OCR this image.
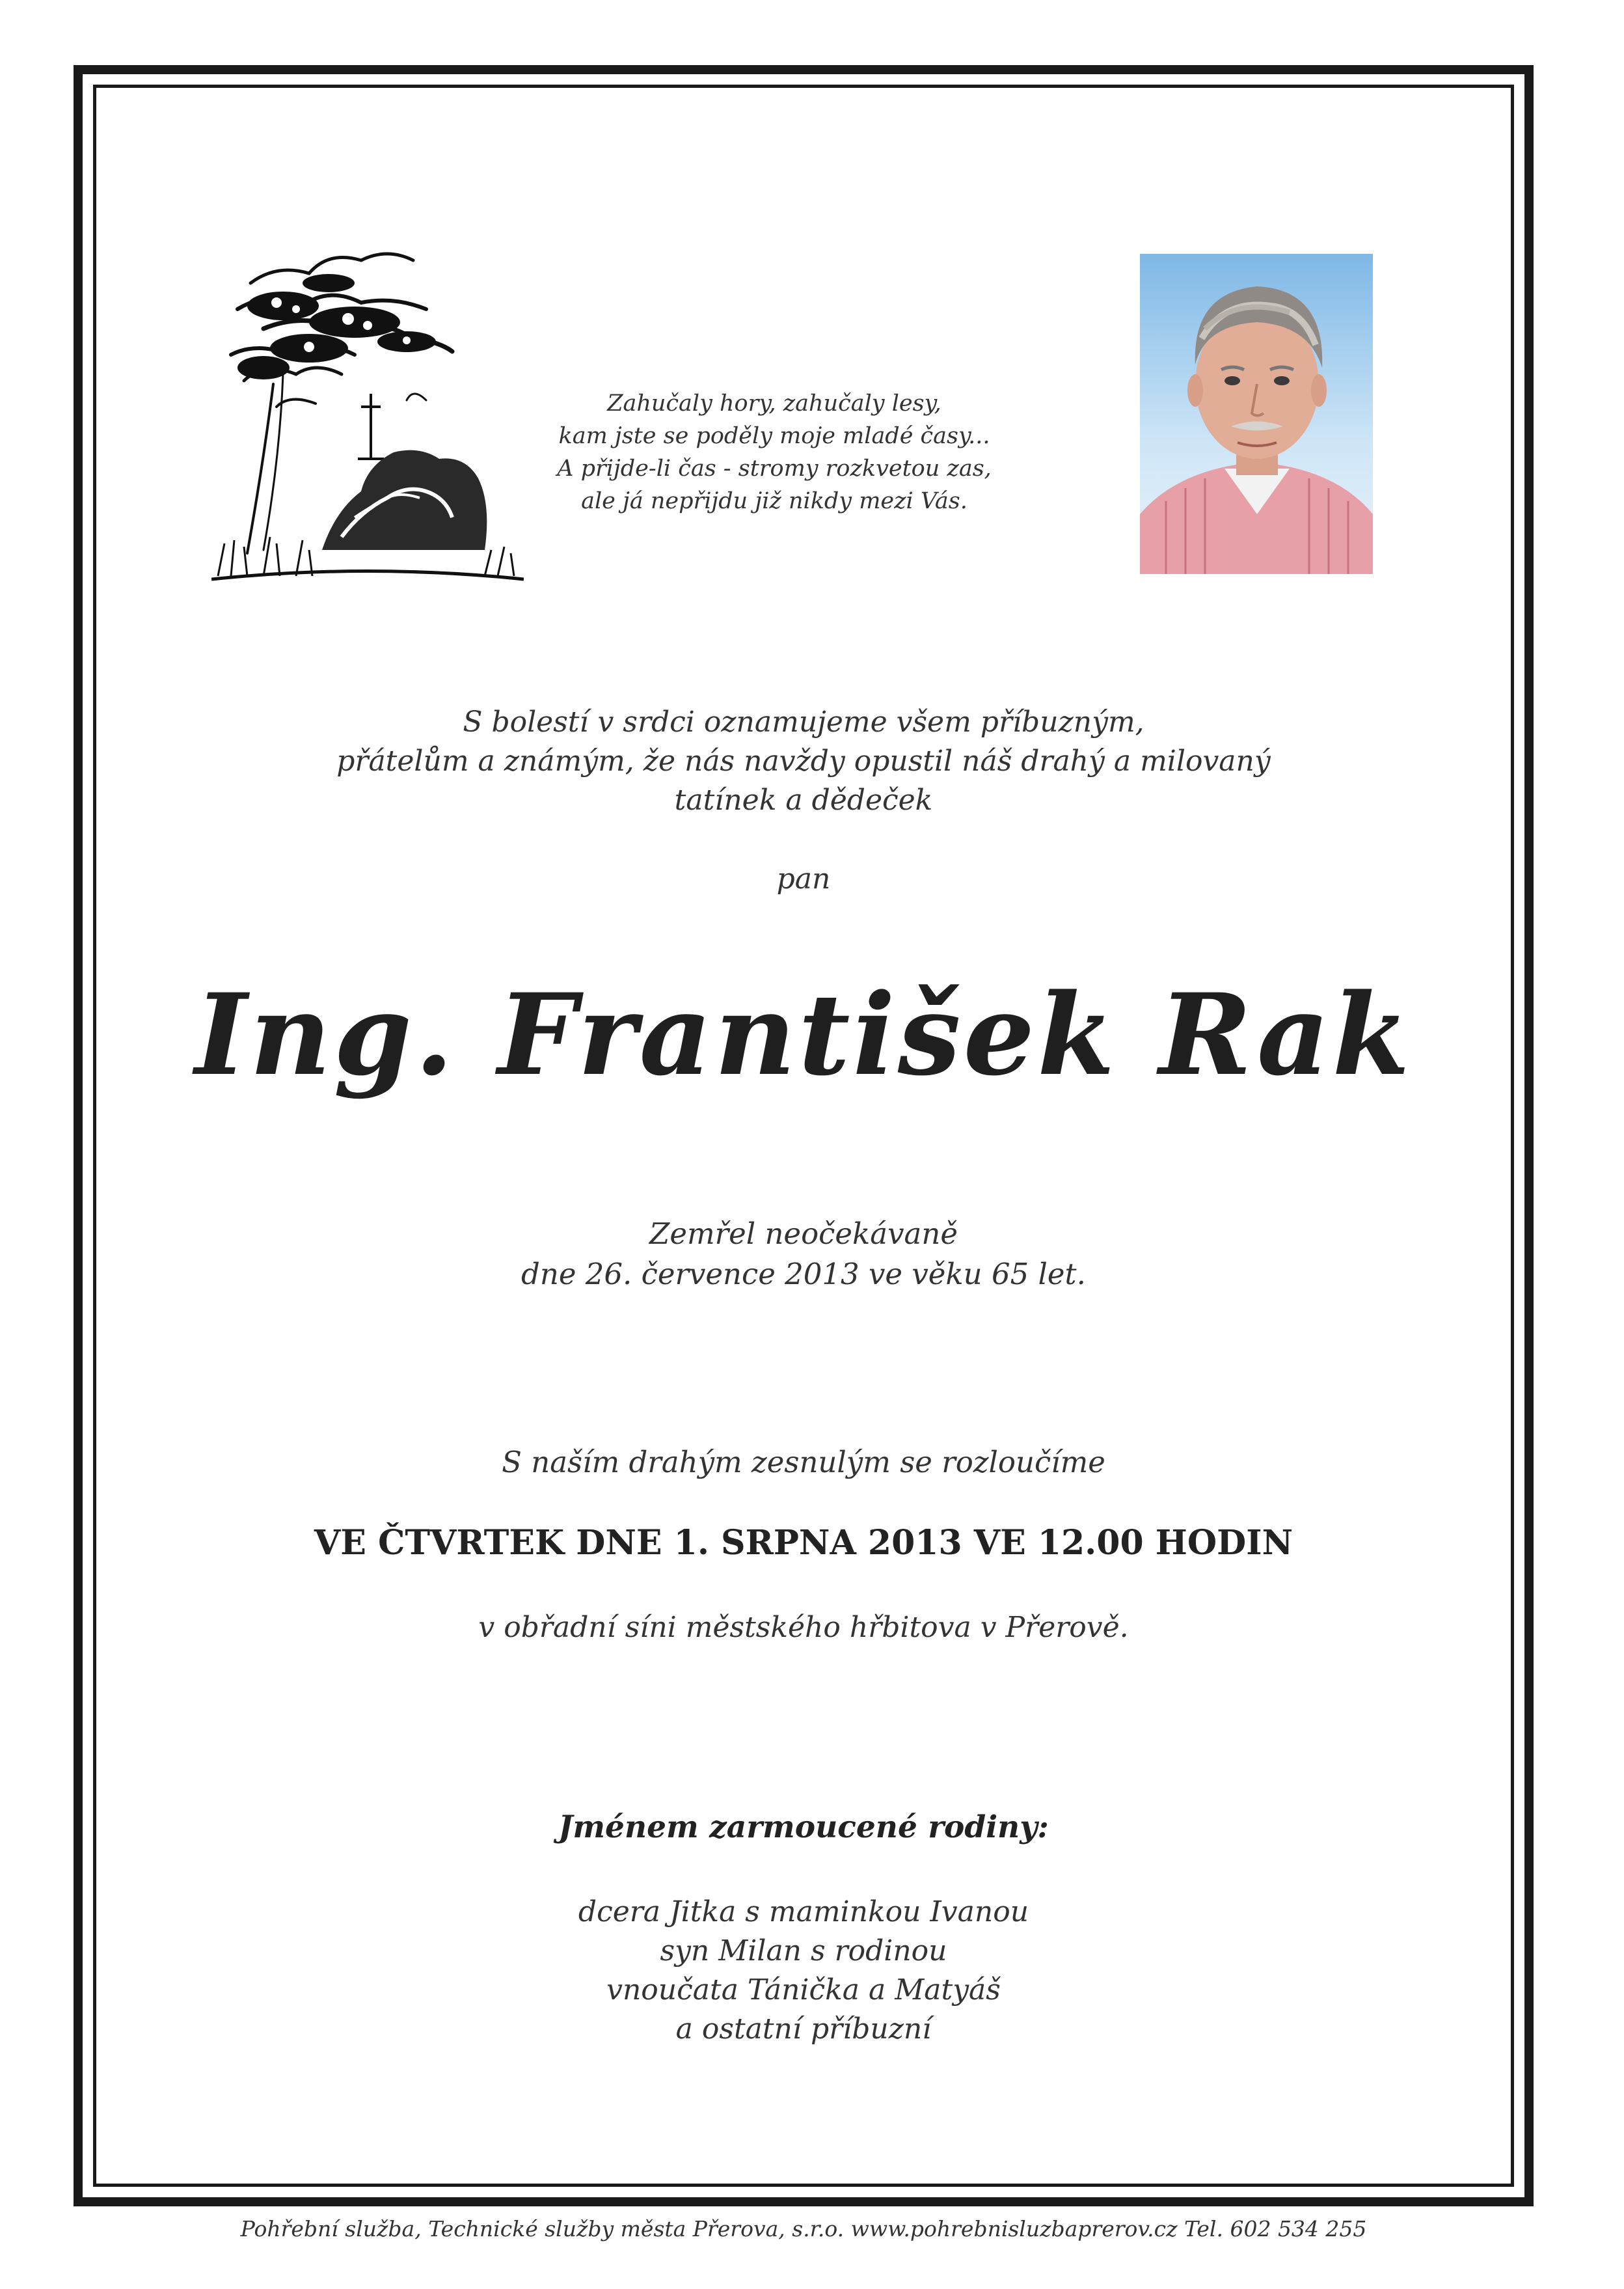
Zahučaly hory, zahučaly lesy,
kam jste se poděly moje mladé časy...
A přijde-li čas - stromy rozkvetou zas,
ale já nepřijdu již nikdy mezi Vás.
S bolestí v srdci oznamujeme všem příbuzným,
přátelům a známým, že nás navždy opustil náš drahý a milovaný
tatínek a dědeček
pan
Ing. František Rak
Zemřel neočekávaně
dne 26. července 2013 ve věku 65 let.
S naším drahým zesnulým se rozloučíme
VE ČTVRTEK DNE 1. SRPNA 2013 VE 12.00 HODIN
v obřadní síni městského hřbitova v Přerově.
Jménem zarmoucené rodiny:
dcera Jitka s maminkou Ivanou
syn Milan s rodinou
vnoučata Tánička a Matyáš
a ostatní příbuzní
Pohřební služba, Technické služby města Přerova, s.r.o. www.pohrebnisluzbaprerov.cz Tel. 602 534 255
